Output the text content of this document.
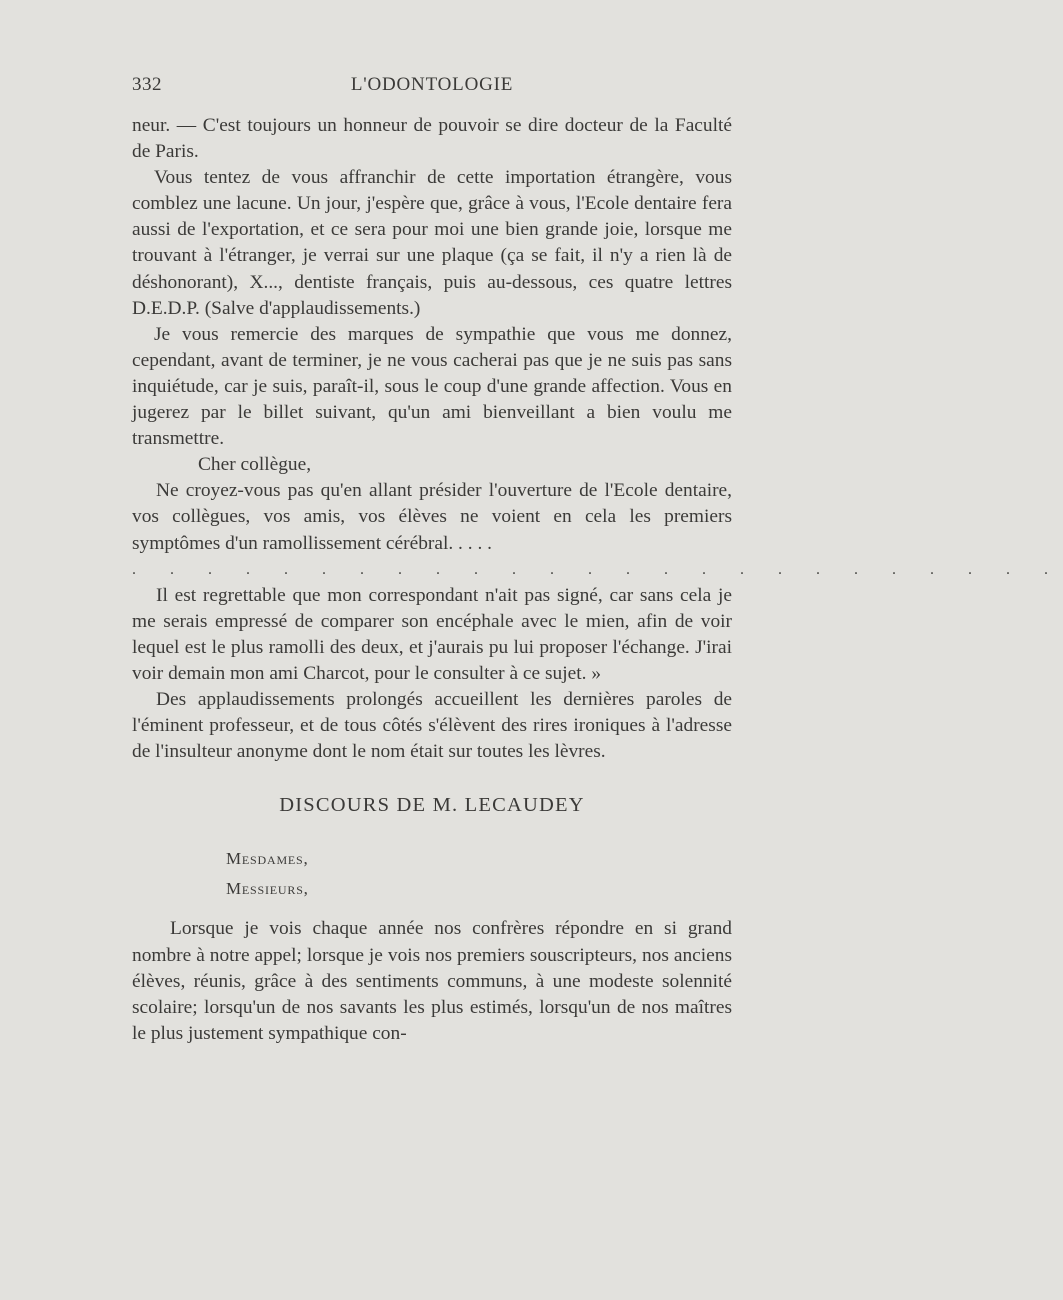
332	L'ODONTOLOGIE

neur. — C'est toujours un honneur de pouvoir se dire docteur de la Faculté de Paris.

Vous tentez de vous affranchir de cette importation étrangère, vous comblez une lacune. Un jour, j'espère que, grâce à vous, l'Ecole dentaire fera aussi de l'exportation, et ce sera pour moi une bien grande joie, lorsque me trouvant à l'étranger, je verrai sur une plaque (ça se fait, il n'y a rien là de déshonorant), X..., dentiste français, puis au-dessous, ces quatre lettres D.E.D.P. (Salve d'applaudissements.)

Je vous remercie des marques de sympathie que vous me donnez, cependant, avant de terminer, je ne vous cacherai pas que je ne suis pas sans inquiétude, car je suis, paraît-il, sous le coup d'une grande affection. Vous en jugerez par le billet suivant, qu'un ami bienveillant a bien voulu me transmettre.

Cher collègue,

Ne croyez-vous pas qu'en allant présider l'ouverture de l'Ecole dentaire, vos collègues, vos amis, vos élèves ne voient en cela les premiers symptômes d'un ramollissement cérébral. . . . .

. . . . . . . . . . . . . . . . . . . . . . . . .

Il est regrettable que mon correspondant n'ait pas signé, car sans cela je me serais empressé de comparer son encéphale avec le mien, afin de voir lequel est le plus ramolli des deux, et j'aurais pu lui proposer l'échange. J'irai voir demain mon ami Charcot, pour le consulter à ce sujet. »

Des applaudissements prolongés accueillent les dernières paroles de l'éminent professeur, et de tous côtés s'élèvent des rires ironiques à l'adresse de l'insulteur anonyme dont le nom était sur toutes les lèvres.

DISCOURS DE M. LECAUDEY

Mesdames,

Messieurs,

Lorsque je vois chaque année nos confrères répondre en si grand nombre à notre appel; lorsque je vois nos premiers souscripteurs, nos anciens élèves, réunis, grâce à des sentiments communs, à une modeste solennité scolaire; lorsqu'un de nos savants les plus estimés, lorsqu'un de nos maîtres le plus justement sympathique con-
